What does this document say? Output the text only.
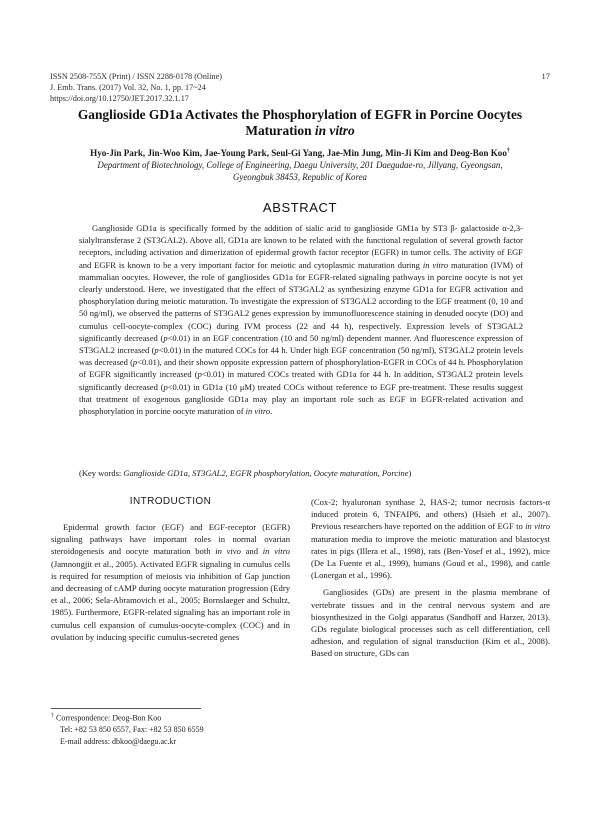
ISSN 2508-755X (Print) / ISSN 2288-0178 (Online)
J. Emb. Trans. (2017) Vol. 32, No. 1, pp. 17~24
https://doi.org/10.12750/JET.2017.32.1.17
17
Ganglioside GD1a Activates the Phosphorylation of EGFR in Porcine Oocytes
Maturation in vitro
Hyo-Jin Park, Jin-Woo Kim, Jae-Young Park, Seul-Gi Yang, Jae-Min Jung, Min-Ji Kim and Deog-Bon Koo†
Department of Biotechnology, College of Engineering, Daegu University, 201 Daegudae-ro, Jillyang, Gyeongsan,
Gyeongbuk 38453, Republic of Korea
ABSTRACT

Ganglioside GD1a is specifically formed by the addition of sialic acid to ganglioside GM1a by ST3 β- galactoside α-2,3-sialyltransferase 2 (ST3GAL2). Above all, GD1a are known to be related with the functional regulation of several growth factor receptors, including activation and dimerization of epidermal growth factor receptor (EGFR) in tumor cells. The activity of EGF and EGFR is known to be a very important factor for meiotic and cytoplasmic maturation during in vitro maturation (IVM) of mammalian oocytes. However, the role of gangliosides GD1a for EGFR-related signaling pathways in porcine oocyte is not yet clearly understood. Here, we investigated that the effect of ST3GAL2 as synthesizing enzyme GD1a for EGFR activation and phosphorylation during meiotic maturation. To investigate the expression of ST3GAL2 according to the EGF treatment (0, 10 and 50 ng/ml), we observed the patterns of ST3GAL2 genes expression by immunofluorescence staining in denuded oocyte (DO) and cumulus cell-oocyte-complex (COC) during IVM process (22 and 44 h), respectively. Expression levels of ST3GAL2 significantly decreased (p<0.01) in an EGF concentration (10 and 50 ng/ml) dependent manner. And fluorescence expression of ST3GAL2 increased (p<0.01) in the matured COCs for 44 h. Under high EGF concentration (50 ng/ml), ST3GAL2 protein levels was decreased (p<0.01), and their shown opposite expression pattern of phosphorylation-EGFR in COCs of 44 h. Phosphorylation of EGFR significantly increased (p<0.01) in matured COCs treated with GD1a for 44 h. In addition, ST3GAL2 protein levels significantly decreased (p<0.01) in GD1a (10 μM) treated COCs without reference to EGF pre-treatment. These results suggest that treatment of exogenous ganglioside GD1a may play an important role such as EGF in EGFR-related activation and phosphorylation in porcine oocyte maturation of in vitro.

(Key words: Ganglioside GD1a, ST3GAL2, EGFR phosphorylation, Oocyte maturation, Porcine)
INTRODUCTION

Epidermal growth factor (EGF) and EGF-receptor (EGFR) signaling pathways have important roles in normal ovarian steroidogenesis and oocyte maturation both in vivo and in vitro (Jamnongjit et al., 2005). Activated EGFR signaling in cumulus cells is required for resumption of meiosis via inhibition of Gap junction and decreasing of cAMP during oocyte maturation progression (Edry et al., 2006; Sela-Abramovich et al., 2005; Bornslaeger and Schultz, 1985). Furthermore, EGFR-related signaling has an important role in cumulus cell expansion of cumulus-oocyte-complex (COC) and in ovulation by inducing specific cumulus-secreted genes

(Cox-2; hyaluronan synthase 2, HAS-2; tumor necrosis factors-α induced protein 6, TNFAIP6, and others) (Hsieh et al., 2007). Previous researchers have reported on the addition of EGF to in vitro maturation media to improve the meiotic maturation and blastocyst rates in pigs (Illera et al., 1998), rats (Ben-Yosef et al., 1992), mice (De La Fuente et al., 1999), humans (Goud et al., 1998), and cattle (Lonergan et al., 1996).

Gangliosides (GDs) are present in the plasma membrane of vertebrate tissues and in the central nervous system and are biosynthesized in the Golgi apparatus (Sandhoff and Harzer, 2013). GDs regulate biological processes such as cell differentiation, cell adhesion, and regulation of signal transduction (Kim et al., 2008). Based on structure, GDs can

† Correspondence: Deog-Bon Koo
Tel: +82 53 850 6557, Fax: +82 53 850 6559
E-mail address: dbkoo@daegu.ac.kr
